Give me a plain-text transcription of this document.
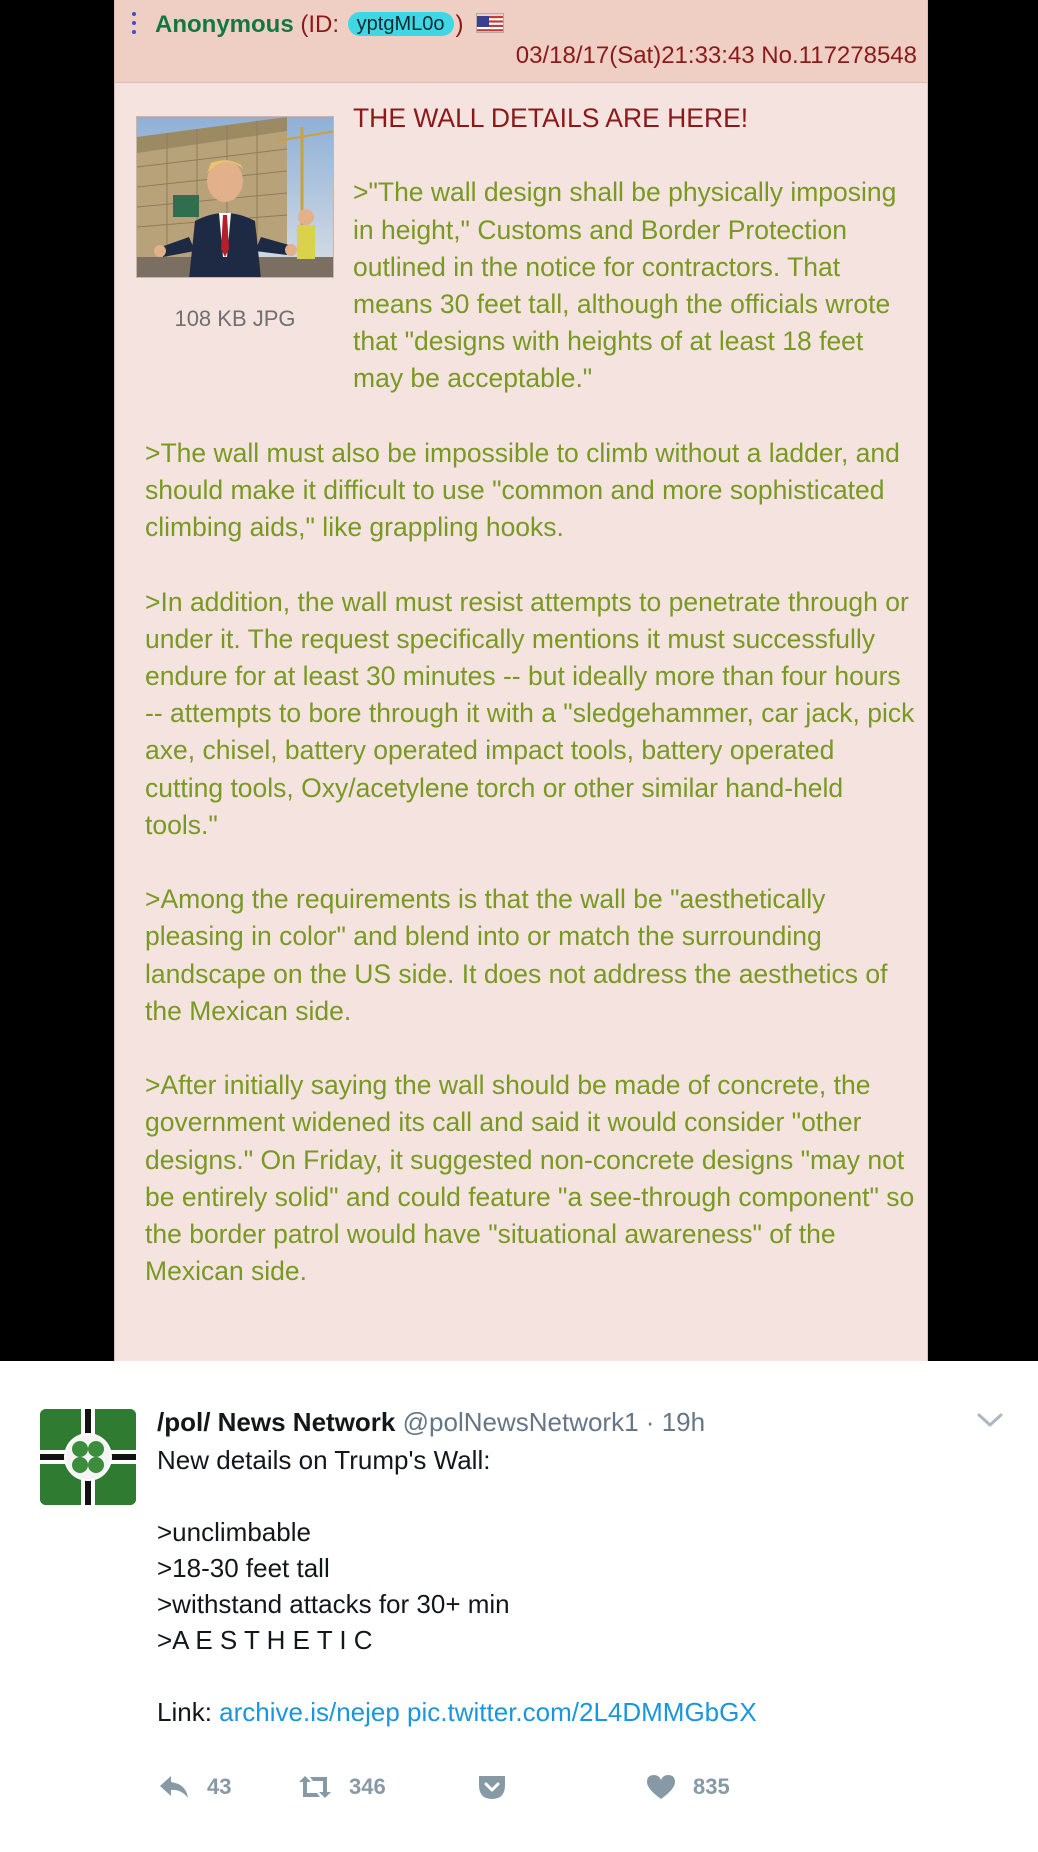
Anonymous (ID: yptgML0o )
03/18/17(Sat)21:33:43 No.117278548
108 KB JPG
THE WALL DETAILS ARE HERE!

>"The wall design shall be physically imposing in height," Customs and Border Protection outlined in the notice for contractors. That means 30 feet tall, although the officials wrote that "designs with heights of at least 18 feet may be acceptable."

>The wall must also be impossible to climb without a ladder, and should make it difficult to use "common and more sophisticated climbing aids," like grappling hooks.

>In addition, the wall must resist attempts to penetrate through or under it. The request specifically mentions it must successfully endure for at least 30 minutes -- but ideally more than four hours -- attempts to bore through it with a "sledgehammer, car jack, pick axe, chisel, battery operated impact tools, battery operated cutting tools, Oxy/acetylene torch or other similar hand-held tools."

>Among the requirements is that the wall be "aesthetically pleasing in color" and blend into or match the surrounding landscape on the US side. It does not address the aesthetics of the Mexican side.

>After initially saying the wall should be made of concrete, the government widened its call and said it would consider "other designs." On Friday, it suggested non-concrete designs "may not be entirely solid" and could feature "a see-through component" so the border patrol would have "situational awareness" of the Mexican side.

/pol/ News Network @polNewsNetwork1 · 19h

New details on Trump's Wall:

>unclimbable

>18-30 feet tall

>withstand attacks for 30+ min

>A E S T H E T I C

Link: archive.is/nejep pic.twitter.com/2L4DMMGbGX

43	346	835
